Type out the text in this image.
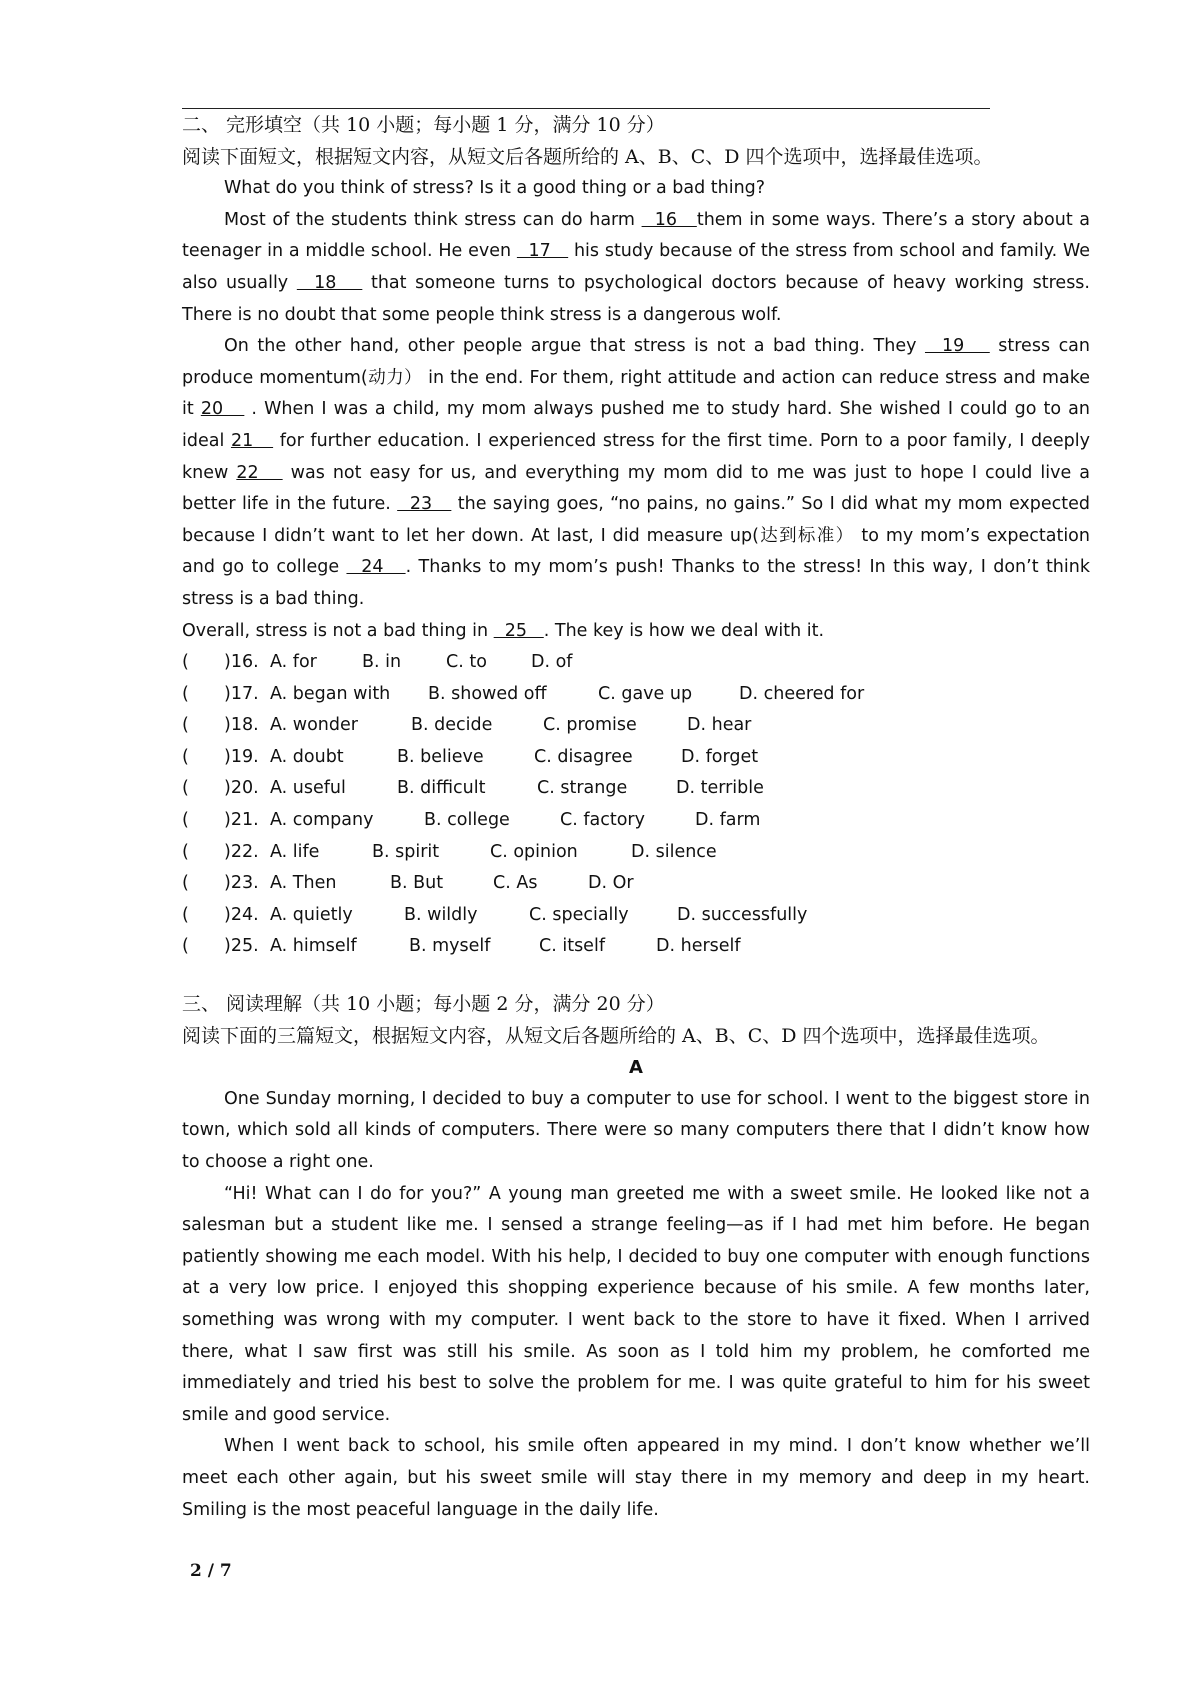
二、 完形填空（共 10 小题；每小题 1 分，满分 10 分）
阅读下面短文，根据短文内容，从短文后各题所给的 A、B、C、D 四个选项中，选择最佳选项。

What do you think of stress? Is it a good thing or a bad thing?

Most of the students think stress can do harm   16   them in some ways. There’s a story about a teenager in a middle school. He even   17    his study because of the stress from school and family. We also usually   18    that someone turns to psychological doctors because of heavy working stress. There is no doubt that some people think stress is a dangerous wolf.

On the other hand, other people argue that stress is not a bad thing. They   19    stress can produce momentum(动力） in the end. For them, right attitude and action can reduce stress and make it 20    . When I was a child, my mom always pushed me to study hard. She wished I could go to an ideal 21    for further education. I experienced stress for the first time. Porn to a poor family, I deeply knew 22    was not easy for us, and everything my mom did to me was just to hope I could live a better life in the future.   23    the saying goes, “no pains, no gains.” So I did what my mom expected because I didn’t want to let her down. At last, I did measure up(达到标准） to my mom’s expectation and go to college   24   . Thanks to my mom’s push! Thanks to the stress! In this way, I don’t think stress is a bad thing.

Overall, stress is not a bad thing in   25   . The key is how we deal with it.

(	)16. A. for	B. in	C. to	D. of
(	)17. A. began with	B. showed off	C. gave up	D. cheered for
(	)18. A. wonder	B. decide	C. promise	D. hear
(	)19. A. doubt	B. believe	C. disagree	D. forget
(	)20. A. useful	B. difficult	C. strange	D. terrible
(	)21. A. company	B. college	C. factory	D. farm
(	)22. A. life	B. spirit	C. opinion	D. silence
(	)23. A. Then	B. But	C. As	D. Or
(	)24. A. quietly	B. wildly	C. specially	D. successfully
(	)25. A. himself	B. myself	C. itself	D. herself
三、 阅读理解（共 10 小题；每小题 2 分，满分 20 分）

阅读下面的三篇短文，根据短文内容，从短文后各题所给的 A、B、C、D 四个选项中，选择最佳选项。

A

One Sunday morning, I decided to buy a computer to use for school. I went to the biggest store in town, which sold all kinds of computers. There were so many computers there that I didn’t know how to choose a right one.

“Hi! What can I do for you?” A young man greeted me with a sweet smile. He looked like not a salesman but a student like me. I sensed a strange feeling—as if I had met him before. He began patiently showing me each model. With his help, I decided to buy one computer with enough functions at a very low price. I enjoyed this shopping experience because of his smile. A few months later, something was wrong with my computer. I went back to the store to have it fixed. When I arrived there, what I saw first was still his smile. As soon as I told him my problem, he comforted me immediately and tried his best to solve the problem for me. I was quite grateful to him for his sweet smile and good service.

When I went back to school, his smile often appeared in my mind. I don’t know whether we’ll meet each other again, but his sweet smile will stay there in my memory and deep in my heart. Smiling is the most peaceful language in the daily life.

2 / 7
